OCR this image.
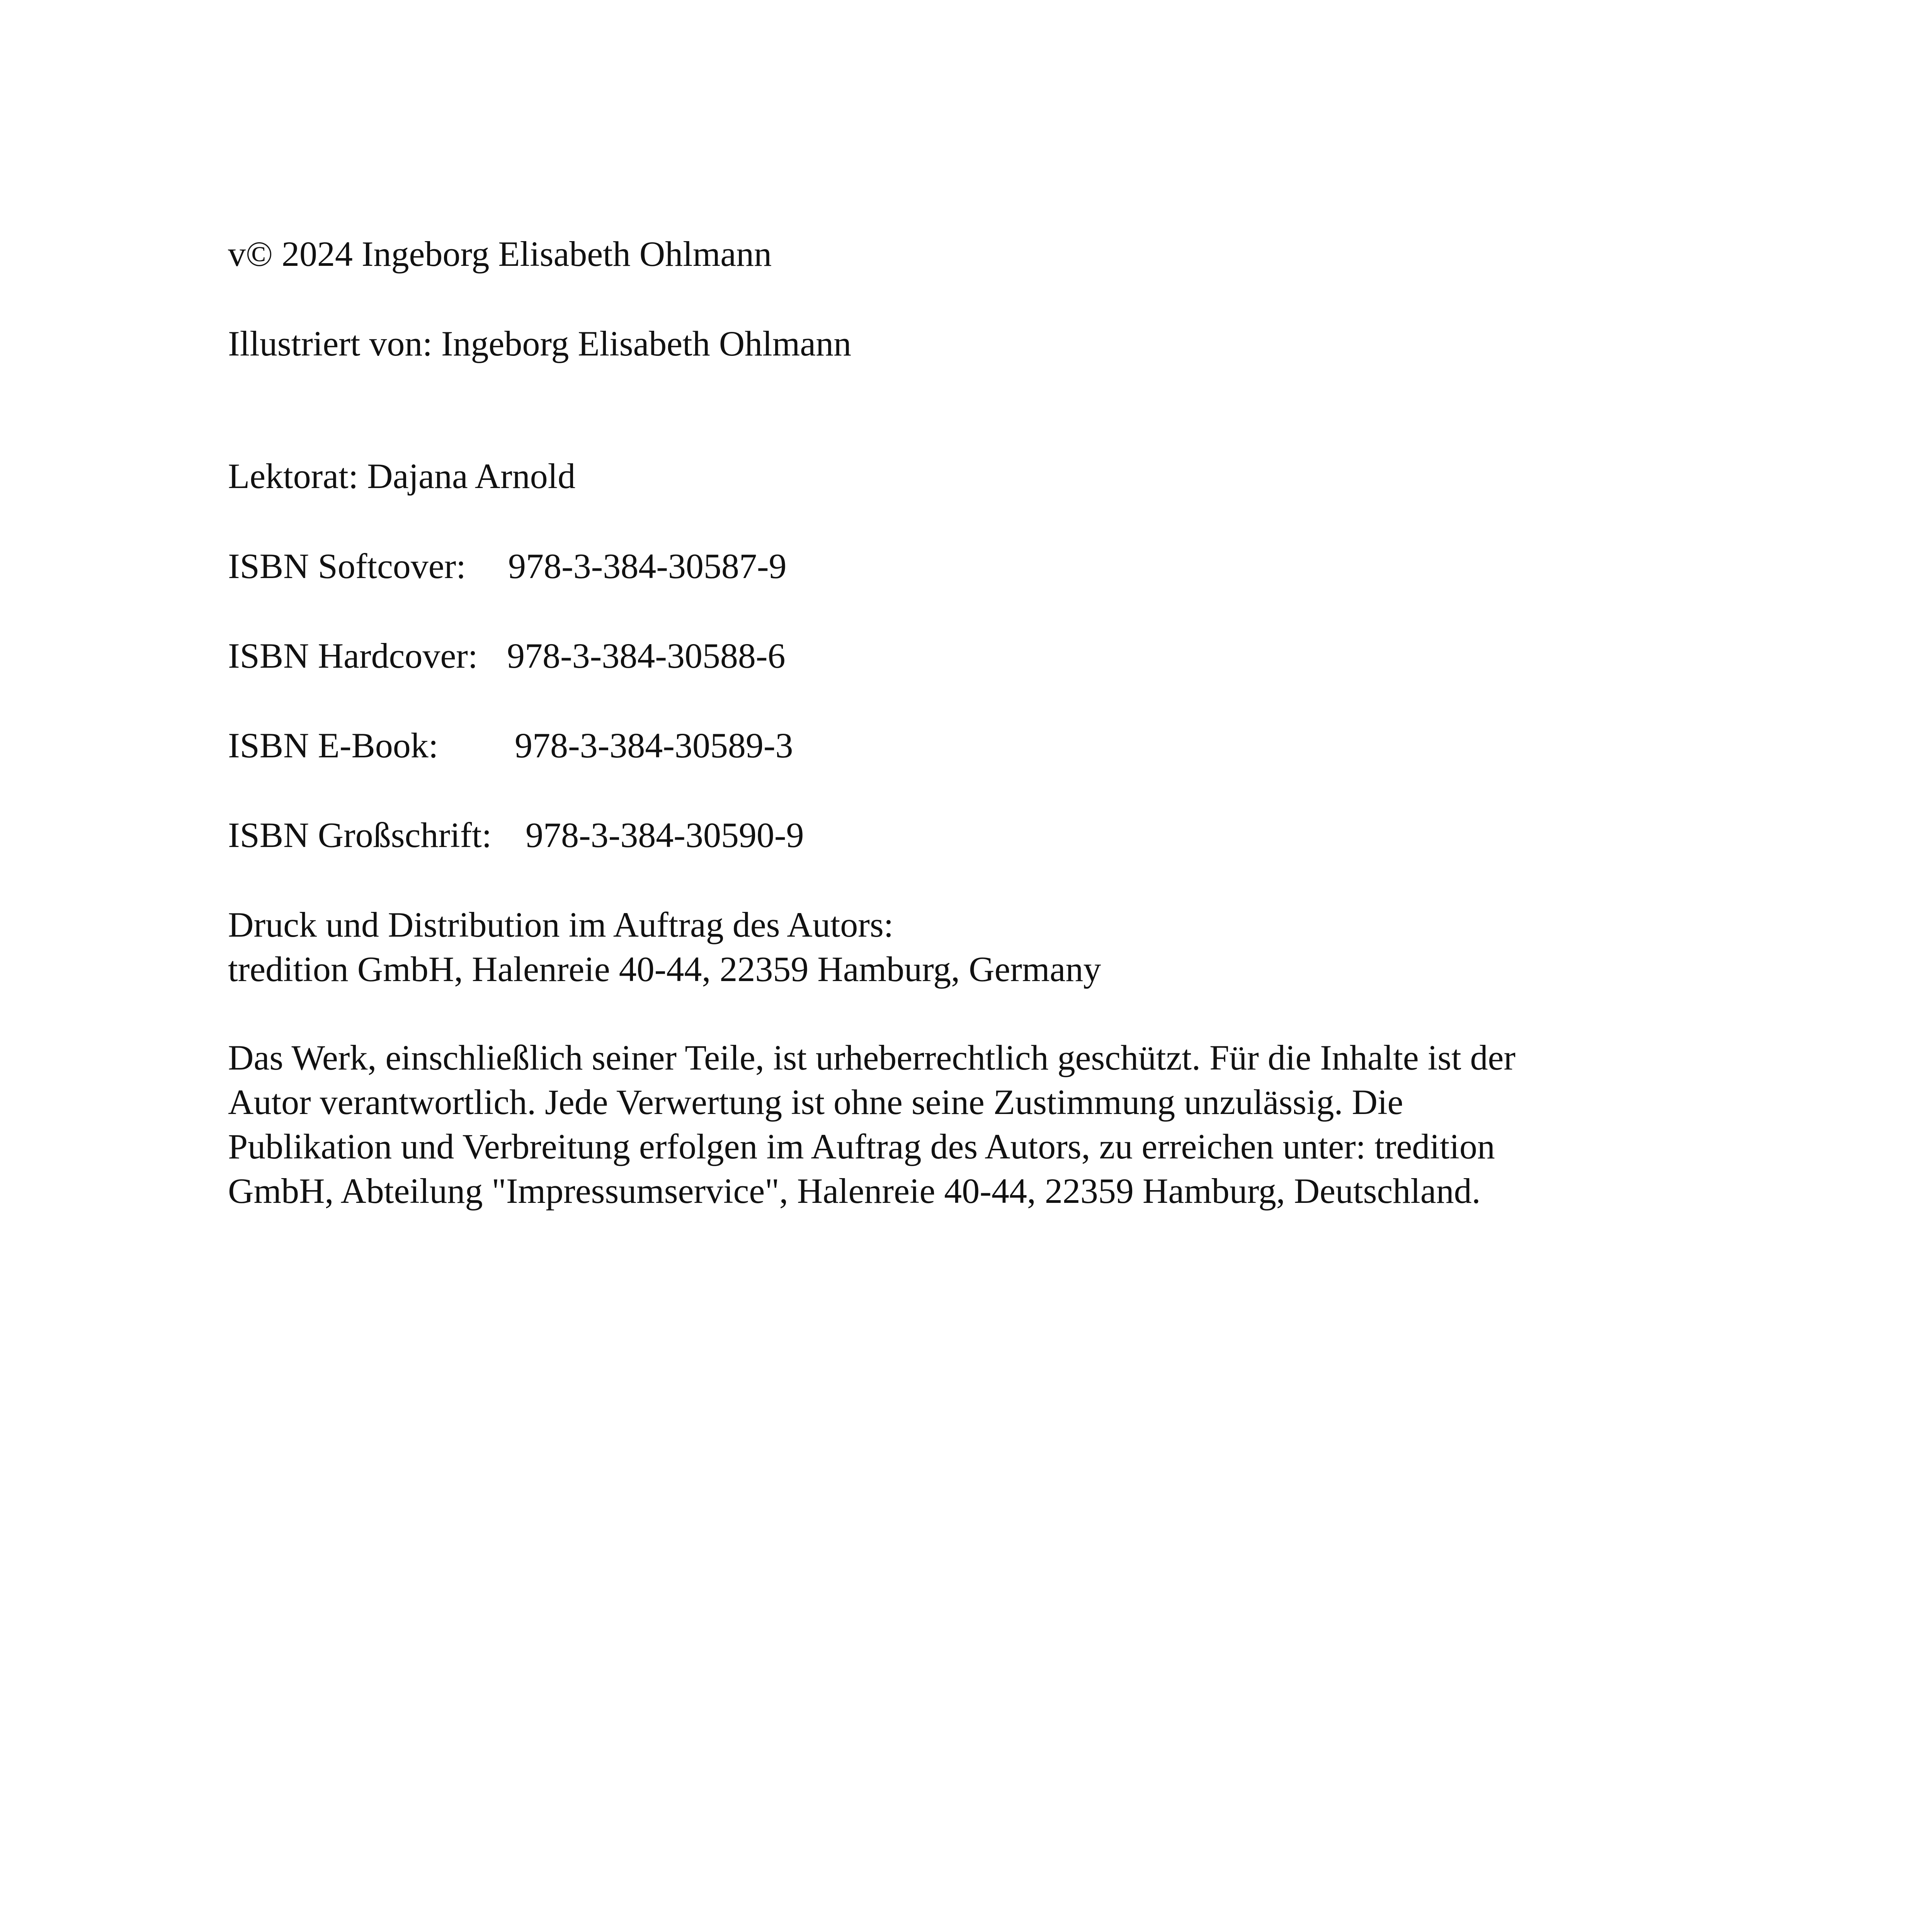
v© 2024 Ingeborg Elisabeth Ohlmann
Illustriert von: Ingeborg Elisabeth Ohlmann
Lektorat: Dajana Arnold
ISBN Softcover: 978-3-384-30587-9
ISBN Hardcover: 978-3-384-30588-6
ISBN E-Book: 978-3-384-30589-3
ISBN Großschrift: 978-3-384-30590-9
Druck und Distribution im Auftrag des Autors:
tredition GmbH, Halenreie 40-44, 22359 Hamburg, Germany
Das Werk, einschließlich seiner Teile, ist urheberrechtlich geschützt. Für die Inhalte ist der
Autor verantwortlich. Jede Verwertung ist ohne seine Zustimmung unzulässig. Die
Publikation und Verbreitung erfolgen im Auftrag des Autors, zu erreichen unter: tredition
GmbH, Abteilung "Impressumservice", Halenreie 40-44, 22359 Hamburg, Deutschland.
